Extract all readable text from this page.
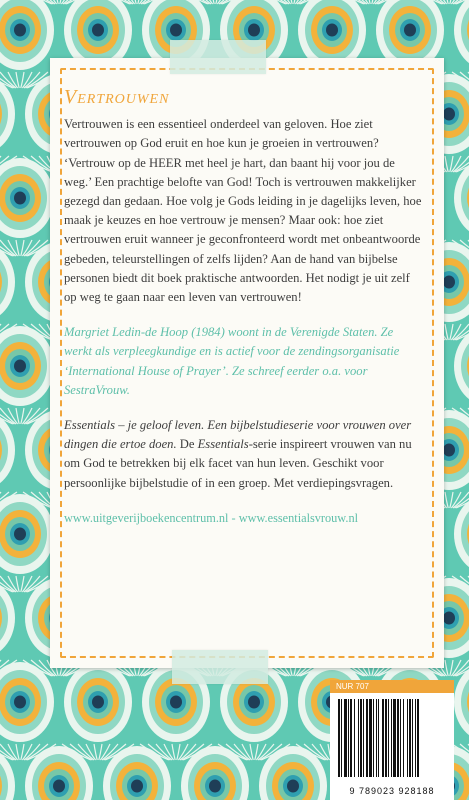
Vertrouwen

Vertrouwen is een essentieel onderdeel van geloven. Hoe ziet vertrouwen op God eruit en hoe kun je groeien in vertrouwen? ‘Vertrouw op de HEER met heel je hart, dan baant hij voor jou de weg.’ Een prachtige belofte van God! Toch is vertrouwen makkelijker gezegd dan gedaan. Hoe volg je Gods leiding in je dagelijks leven, hoe maak je keuzes en hoe vertrouw je mensen? Maar ook: hoe ziet vertrouwen eruit wanneer je geconfronteerd wordt met onbeantwoorde gebeden, teleurstellingen of zelfs lijden? Aan de hand van bijbelse personen biedt dit boek praktische antwoorden. Het nodigt je uit zelf op weg te gaan naar een leven van vertrouwen!

Margriet Ledin-de Hoop (1984) woont in de Verenigde Staten. Ze werkt als verpleegkundige en is actief voor de zendingsorganisatie ‘International House of Prayer’. Ze schreef eerder o.a. voor SestraVrouw.

Essentials – je geloof leven. Een bijbelstudieserie voor vrouwen over dingen die ertoe doen. De Essentials-serie inspireert vrouwen van nu om God te betrekken bij elk facet van hun leven. Geschikt voor persoonlijke bijbelstudie of in een groep. Met verdiepingsvragen.

www.uitgeverijboekencentrum.nl - www.essentialsvrouw.nl
NUR 707
9 789023 928188
